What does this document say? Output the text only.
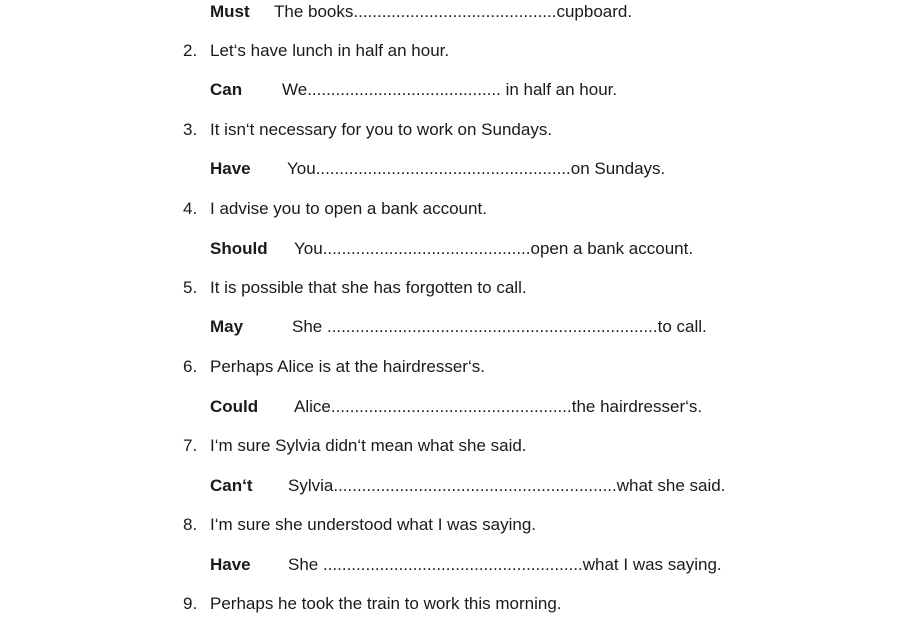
Must The books...........................................cupboard.
2. Let‘s have lunch in half an hour.
Can We......................................... in half an hour.
3. It isn‘t necessary for you to work on Sundays.
Have You......................................................on Sundays.
4. I advise you to open a bank account.
Should You............................................open a bank account.
5. It is possible that she has forgotten to call.
May	She ......................................................................to call.
6. Perhaps Alice is at the hairdresser‘s.
Could Alice...................................................the hairdresser‘s.
7. I‘m sure Sylvia didn‘t mean what she said.
Can‘t Sylvia............................................................what she said.
8. I‘m sure she understood what I was saying.
Have She .......................................................what I was saying.
9. Perhaps he took the train to work this morning.
